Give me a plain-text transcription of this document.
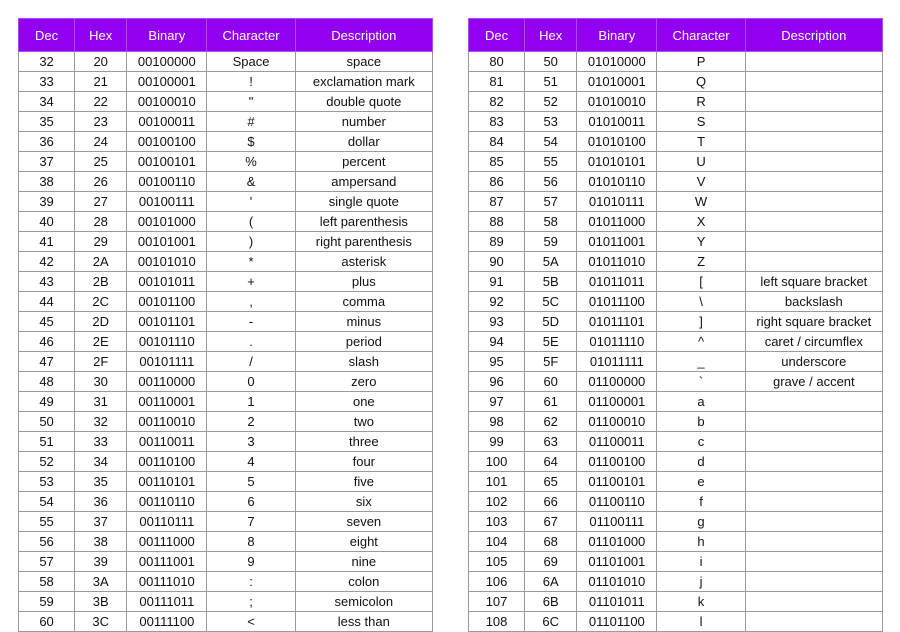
Dec	Hex	Binary	Character	Description
32	20	00100000	Space	space
33	21	00100001	!	exclamation mark
34	22	00100010	"	double quote
35	23	00100011	#	number
36	24	00100100	$	dollar
37	25	00100101	%	percent
38	26	00100110	&	ampersand
39	27	00100111	'	single quote
40	28	00101000	(	left parenthesis
41	29	00101001	)	right parenthesis
42	2A	00101010	*	asterisk
43	2B	00101011	+	plus
44	2C	00101100	,	comma
45	2D	00101101	-	minus
46	2E	00101110	.	period
47	2F	00101111	/	slash
48	30	00110000	0	zero
49	31	00110001	1	one
50	32	00110010	2	two
51	33	00110011	3	three
52	34	00110100	4	four
53	35	00110101	5	five
54	36	00110110	6	six
55	37	00110111	7	seven
56	38	00111000	8	eight
57	39	00111001	9	nine
58	3A	00111010	:	colon
59	3B	00111011	;	semicolon
60	3C	00111100	<	less than
Dec	Hex	Binary	Character	Description
80	50	01010000	P	
81	51	01010001	Q	
82	52	01010010	R	
83	53	01010011	S	
84	54	01010100	T	
85	55	01010101	U	
86	56	01010110	V	
87	57	01010111	W	
88	58	01011000	X	
89	59	01011001	Y	
90	5A	01011010	Z	
91	5B	01011011	[	left square bracket
92	5C	01011100	\	backslash
93	5D	01011101	]	right square bracket
94	5E	01011110	^	caret / circumflex
95	5F	01011111	_	underscore
96	60	01100000	`	grave / accent
97	61	01100001	a	
98	62	01100010	b	
99	63	01100011	c	
100	64	01100100	d	
101	65	01100101	e	
102	66	01100110	f	
103	67	01100111	g	
104	68	01101000	h	
105	69	01101001	i	
106	6A	01101010	j	
107	6B	01101011	k	
108	6C	01101100	l	
